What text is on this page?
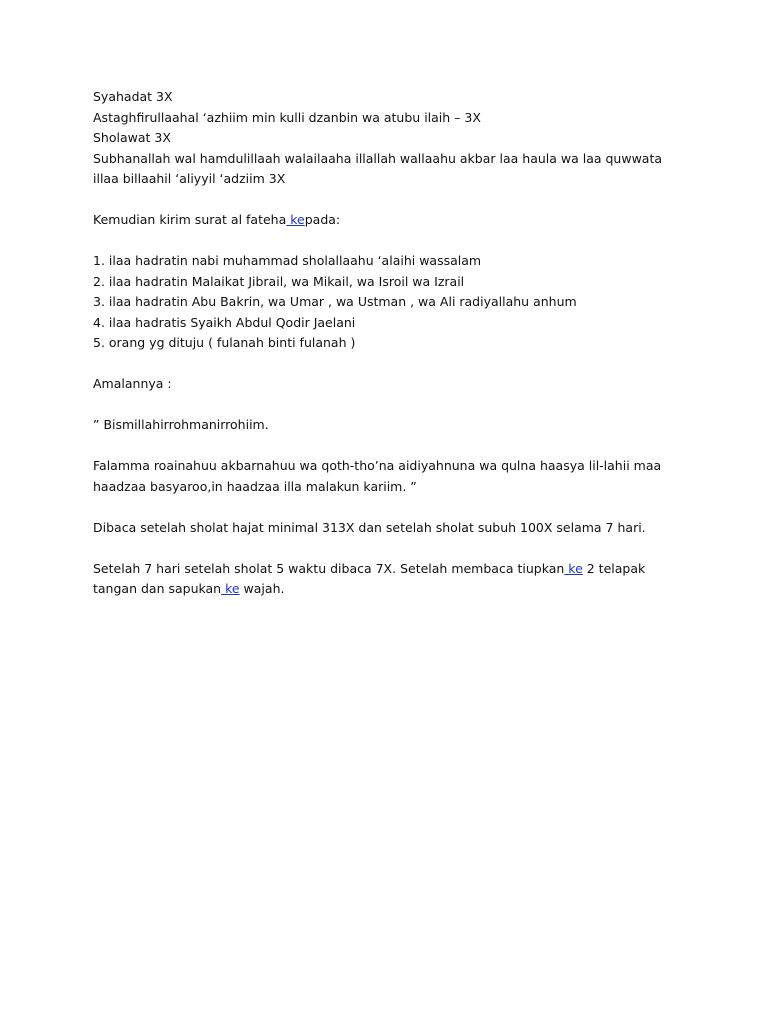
Syahadat 3X
Astaghfirullaahal ‘azhiim min kulli dzanbin wa atubu ilaih – 3X
Sholawat 3X
Subhanallah wal hamdulillaah walailaaha illallah wallaahu akbar laa haula wa laa quwwata
illaa billaahil ‘aliyyil ‘adziim 3X
Kemudian kirim surat al fateha kepada:
1. ilaa hadratin nabi muhammad sholallaahu ‘alaihi wassalam
2. ilaa hadratin Malaikat Jibrail, wa Mikail, wa Isroil wa Izrail
3. ilaa hadratin Abu Bakrin, wa Umar , wa Ustman , wa Ali radiyallahu anhum
4. ilaa hadratis Syaikh Abdul Qodir Jaelani
5. orang yg dituju ( fulanah binti fulanah )
Amalannya :
” Bismillahirrohmanirrohiim.
Falamma roainahuu akbarnahuu wa qoth-tho’na aidiyahnuna wa qulna haasya lil-lahii maa
haadzaa basyaroo,in haadzaa illa malakun kariim. ”
Dibaca setelah sholat hajat minimal 313X dan setelah sholat subuh 100X selama 7 hari.
Setelah 7 hari setelah sholat 5 waktu dibaca 7X. Setelah membaca tiupkan ke 2 telapak
tangan dan sapukan ke wajah.
